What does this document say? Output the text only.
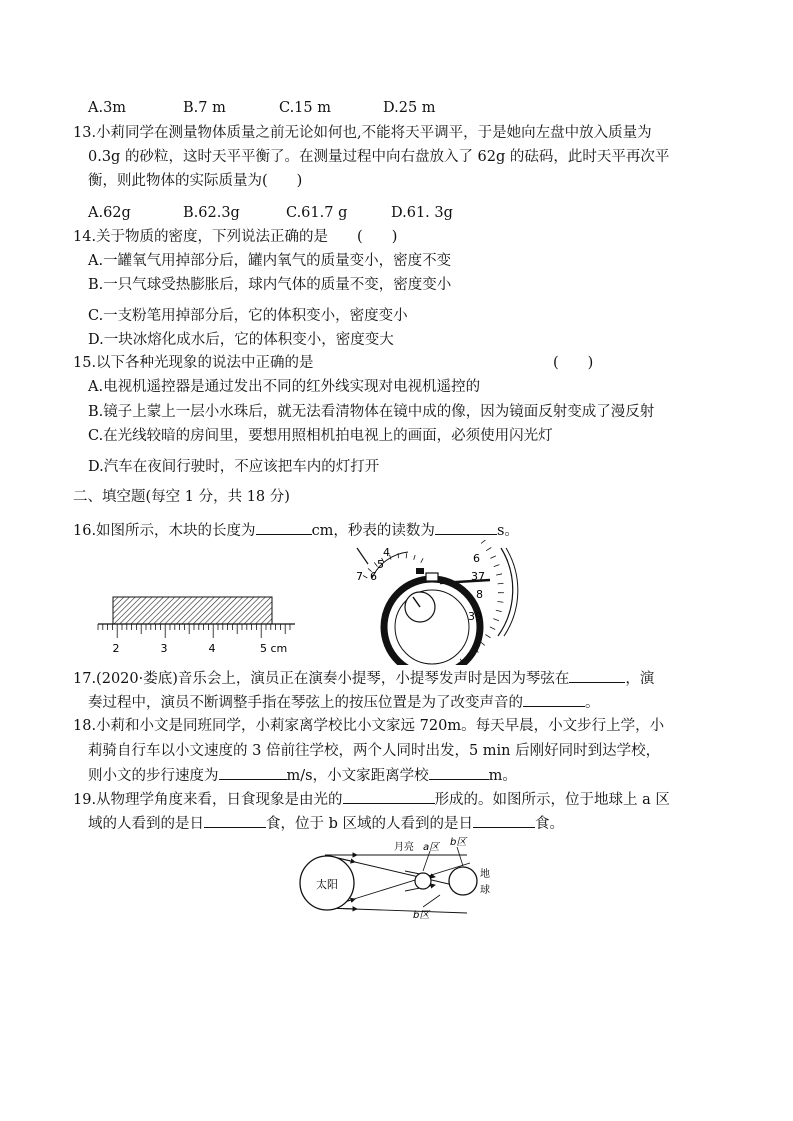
A.3m	B.7 m	C.15 m	D.25 m
13.小莉同学在测量物体质量之前无论如何也,不能将天平调平，于是她向左盘中放入质量为
0.3g 的砂粒，这时天平平衡了。在测量过程中向右盘放入了 62g 的砝码，此时天平再次平
衡，则此物体的实际质量为(　　)
A.62g	B.62.3g	C.61.7 g	D.61. 3g
14.关于物质的密度，下列说法正确的是　　(　　)
A.一罐氧气用掉部分后，罐内氧气的质量变小，密度不变
B.一只气球受热膨胀后，球内气体的质量不变，密度变小
C.一支粉笔用掉部分后，它的体积变小，密度变小
D.一块冰熔化成水后，它的体积变小，密度变大
15.以下各种光现象的说法中正确的是	(　　)
A.电视机遥控器是通过发出不同的红外线实现对电视机遥控的
B.镜子上蒙上一层小水珠后，就无法看清物体在镜中成的像，因为镜面反射变成了漫反射
C.在光线较暗的房间里，要想用照相机拍电视上的画面，必须使用闪光灯
D.汽车在夜间行驶时，不应该把车内的灯打开
二、填空题(每空 1 分，共 18 分)
16.如图所示，木块的长度为	cm，秒表的读数为	s。
2	3	4	5 cm
4
5
6
7
6
37
8
39
17.(2020·娄底)音乐会上，演员正在演奏小提琴，小提琴发声时是因为琴弦在	，演
奏过程中，演员不断调整手指在琴弦上的按压位置是为了改变声音的	。
18.小莉和小文是同班同学，小莉家离学校比小文家远 720m。每天早晨，小文步行上学，小
莉骑自行车以小文速度的 3 倍前往学校，两个人同时出发，5 min 后刚好同时到达学校，
则小文的步行速度为	m/s，小文家距离学校	m。
19.从物理学角度来看，日食现象是由光的	形成的。如图所示，位于地球上 a 区
域的人看到的是日	食，位于 b 区域的人看到的是日	食。
太阳
月亮 a区 b区
b区
地
球
